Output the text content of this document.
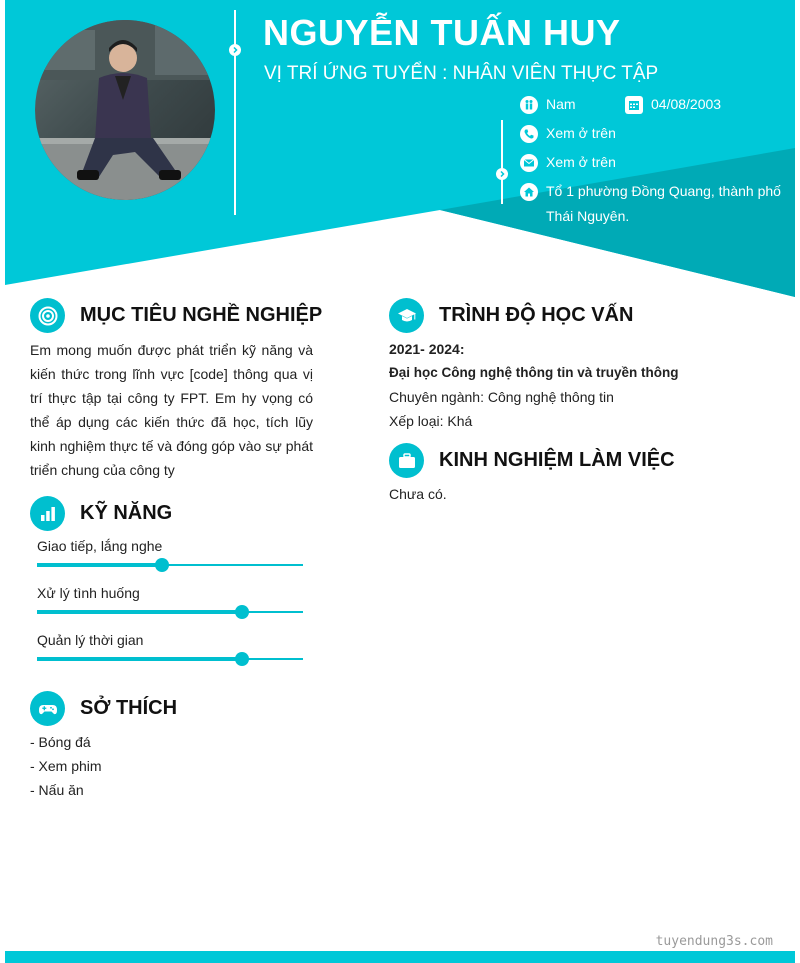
NGUYỄN TUẤN HUY
VỊ TRÍ ỨNG TUYỂN : NHÂN VIÊN THỰC TẬP
Nam	04/08/2003
Xem ở trên
Xem ở trên
Tổ 1 phường Đồng Quang, thành phố
Thái Nguyên.
MỤC TIÊU NGHỀ NGHIỆP
Em mong muốn được phát triển kỹ năng và
kiến thức trong lĩnh vực [code] thông qua vị
trí thực tập tại công ty FPT. Em hy vọng có
thể áp dụng các kiến thức đã học, tích lũy
kinh nghiệm thực tế và đóng góp vào sự phát
triển chung của công ty
KỸ NĂNG
Giao tiếp, lắng nghe
Xử lý tình huống
Quản lý thời gian
SỞ THÍCH
- Bóng đá
- Xem phim
- Nấu ăn
TRÌNH ĐỘ HỌC VẤN
2021- 2024:
Đại học Công nghệ thông tin và truyền thông
Chuyên ngành: Công nghệ thông tin
Xếp loại: Khá
KINH NGHIỆM LÀM VIỆC
Chưa có.
tuyendung3s.com
